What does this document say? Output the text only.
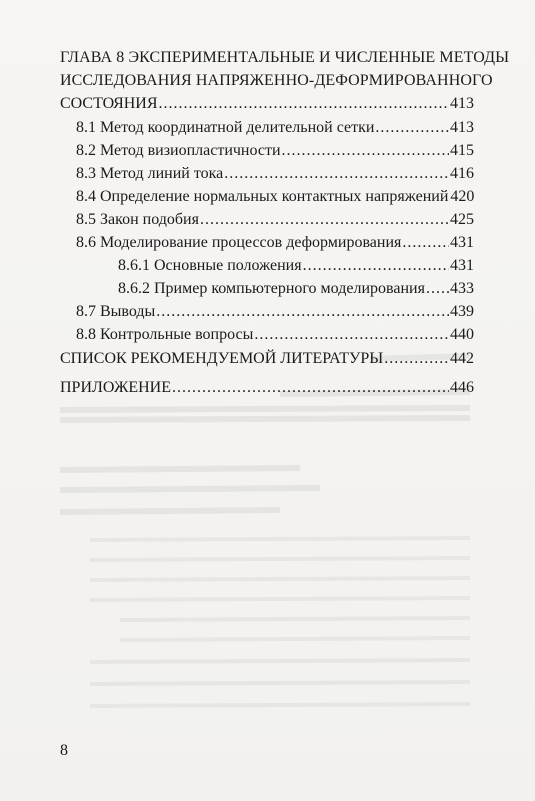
ГЛАВА 8 ЭКСПЕРИМЕНТАЛЬНЫЕ И ЧИСЛЕННЫЕ МЕТОДЫ
ИССЛЕДОВАНИЯ НАПРЯЖЕННО-ДЕФОРМИРОВАННОГО
СОСТОЯНИЯ .....	413
8.1 Метод координатной делительной сетки .....	413
8.2 Метод визиопластичности .....	415
8.3 Метод линий тока .....	416
8.4 Определение нормальных контактных напряжений 420
8.5 Закон подобия .....	425
8.6 Моделирование процессов деформирования .....	431
8.6.1 Основные положения .....	431
8.6.2 Пример компьютерного моделирования ..... 433
8.7 Выводы .....	439
8.8 Контрольные вопросы .....	440
СПИСОК РЕКОМЕНДУЕМОЙ ЛИТЕРАТУРЫ .....	442
ПРИЛОЖЕНИЕ .....	446
8
